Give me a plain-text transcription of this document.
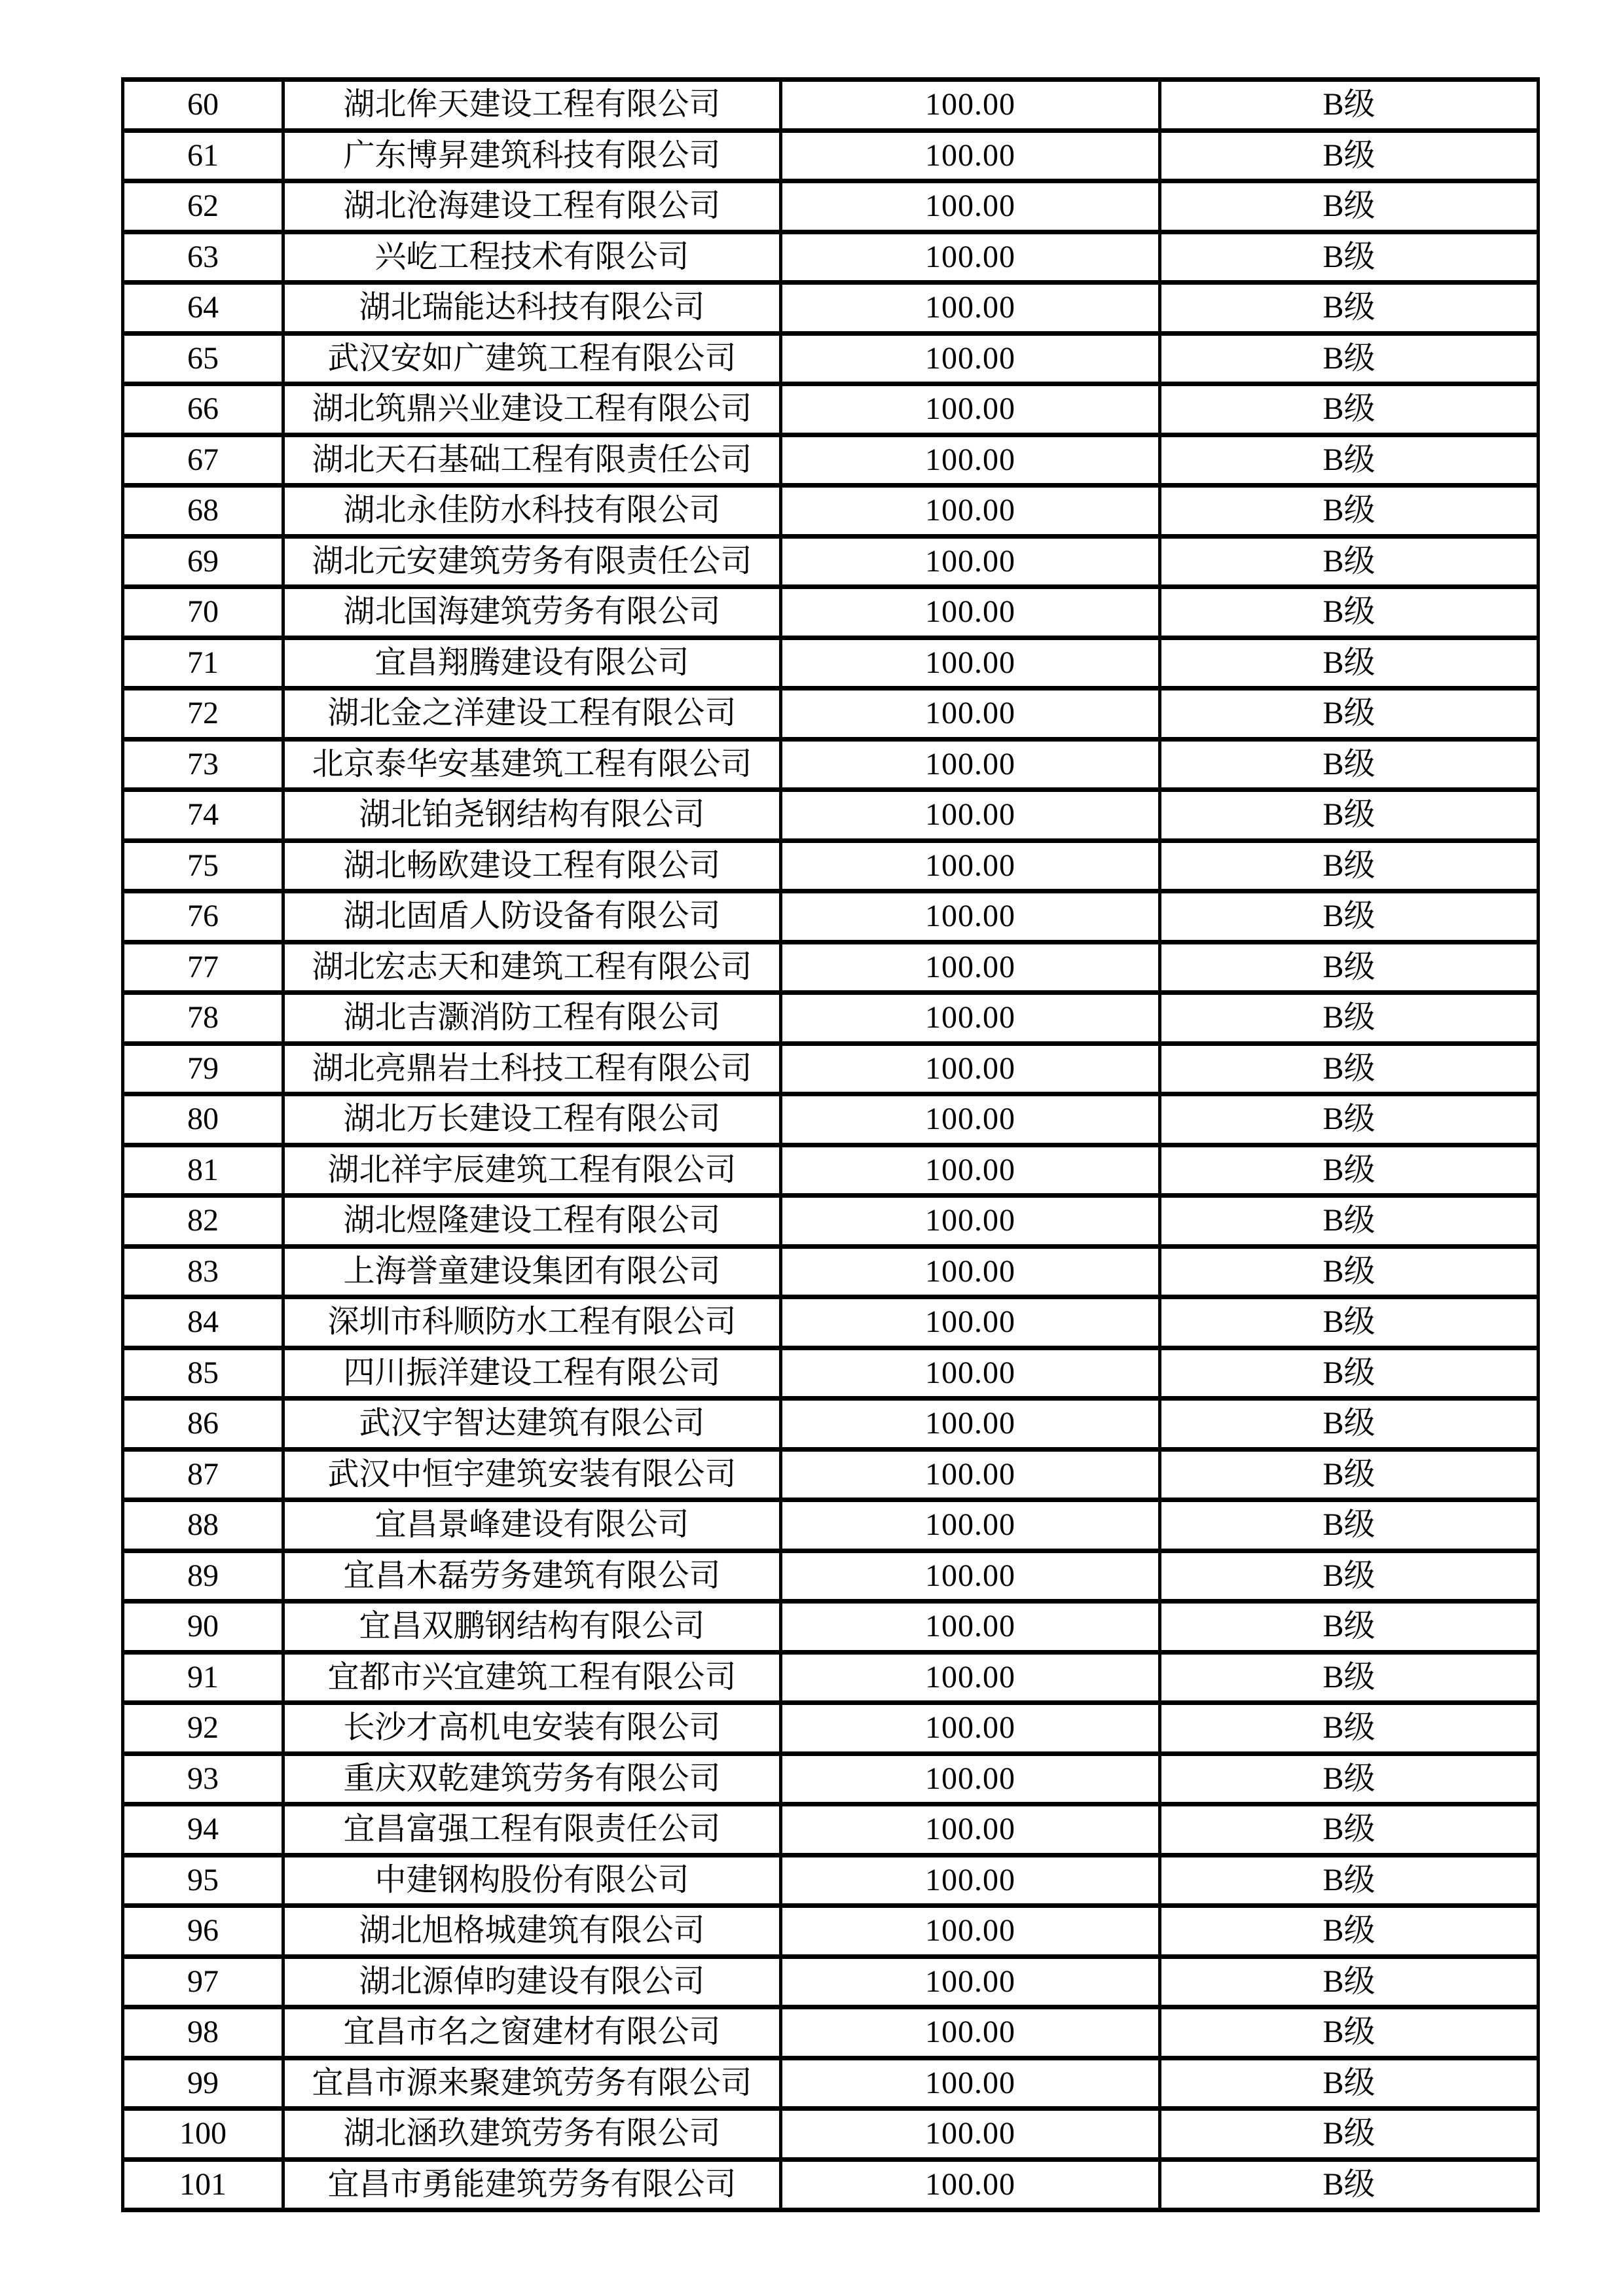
60	湖北侔天建设工程有限公司	100.00	B级
61	广东博昇建筑科技有限公司	100.00	B级
62	湖北沧海建设工程有限公司	100.00	B级
63	兴屹工程技术有限公司	100.00	B级
64	湖北瑞能达科技有限公司	100.00	B级
65	武汉安如广建筑工程有限公司	100.00	B级
66	湖北筑鼎兴业建设工程有限公司	100.00	B级
67	湖北天石基础工程有限责任公司	100.00	B级
68	湖北永佳防水科技有限公司	100.00	B级
69	湖北元安建筑劳务有限责任公司	100.00	B级
70	湖北国海建筑劳务有限公司	100.00	B级
71	宜昌翔腾建设有限公司	100.00	B级
72	湖北金之洋建设工程有限公司	100.00	B级
73	北京泰华安基建筑工程有限公司	100.00	B级
74	湖北铂尧钢结构有限公司	100.00	B级
75	湖北畅欧建设工程有限公司	100.00	B级
76	湖北固盾人防设备有限公司	100.00	B级
77	湖北宏志天和建筑工程有限公司	100.00	B级
78	湖北吉灏消防工程有限公司	100.00	B级
79	湖北亮鼎岩土科技工程有限公司	100.00	B级
80	湖北万长建设工程有限公司	100.00	B级
81	湖北祥宇辰建筑工程有限公司	100.00	B级
82	湖北煜隆建设工程有限公司	100.00	B级
83	上海誉童建设集团有限公司	100.00	B级
84	深圳市科顺防水工程有限公司	100.00	B级
85	四川振洋建设工程有限公司	100.00	B级
86	武汉宇智达建筑有限公司	100.00	B级
87	武汉中恒宇建筑安装有限公司	100.00	B级
88	宜昌景峰建设有限公司	100.00	B级
89	宜昌木磊劳务建筑有限公司	100.00	B级
90	宜昌双鹏钢结构有限公司	100.00	B级
91	宜都市兴宜建筑工程有限公司	100.00	B级
92	长沙才高机电安装有限公司	100.00	B级
93	重庆双乾建筑劳务有限公司	100.00	B级
94	宜昌富强工程有限责任公司	100.00	B级
95	中建钢构股份有限公司	100.00	B级
96	湖北旭格城建筑有限公司	100.00	B级
97	湖北源倬昀建设有限公司	100.00	B级
98	宜昌市名之窗建材有限公司	100.00	B级
99	宜昌市源来聚建筑劳务有限公司	100.00	B级
100	湖北涵玖建筑劳务有限公司	100.00	B级
101	宜昌市勇能建筑劳务有限公司	100.00	B级
